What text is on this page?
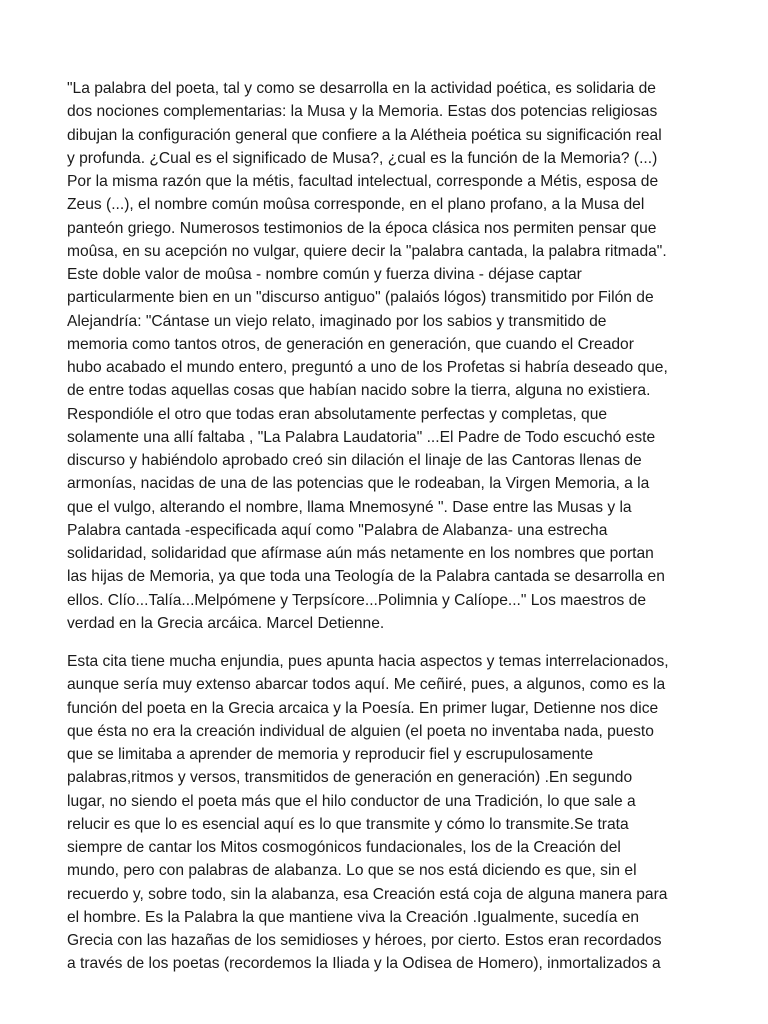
"La palabra del poeta, tal y como se desarrolla en la actividad poética, es solidaria de
dos nociones complementarias: la Musa y la Memoria. Estas dos potencias religiosas
dibujan la configuración general que confiere a la Alétheia poética su significación real
y profunda. ¿Cual es el significado de Musa?, ¿cual es la función de la Memoria? (...)
Por la misma razón que la métis, facultad intelectual, corresponde a Métis, esposa de
Zeus (...), el nombre común moûsa corresponde, en el plano profano, a la Musa del
panteón griego. Numerosos testimonios de la época clásica nos permiten pensar que
moûsa, en su acepción no vulgar, quiere decir la "palabra cantada, la palabra ritmada".
Este doble valor de moûsa - nombre común y fuerza divina - déjase captar
particularmente bien en un "discurso antiguo" (palaiós lógos) transmitido por Filón de
Alejandría: "Cántase un viejo relato, imaginado por los sabios y transmitido de
memoria como tantos otros, de generación en generación, que cuando el Creador
hubo acabado el mundo entero, preguntó a uno de los Profetas si habría deseado que,
de entre todas aquellas cosas que habían nacido sobre la tierra, alguna no existiera.
Respondióle el otro que todas eran absolutamente perfectas y completas, que
solamente una allí faltaba , "La Palabra Laudatoria" ...El Padre de Todo escuchó este
discurso y habiéndolo aprobado creó sin dilación el linaje de las Cantoras llenas de
armonías, nacidas de una de las potencias que le rodeaban, la Virgen Memoria, a la
que el vulgo, alterando el nombre, llama Mnemosyné ". Dase entre las Musas y la
Palabra cantada -especificada aquí como "Palabra de Alabanza- una estrecha
solidaridad, solidaridad que afírmase aún más netamente en los nombres que portan
las hijas de Memoria, ya que toda una Teología de la Palabra cantada se desarrolla en
ellos. Clío...Talía...Melpómene y Terpsícore...Polimnia y Calíope..." Los maestros de
verdad en la Grecia arcáica. Marcel Detienne.

Esta cita tiene mucha enjundia, pues apunta hacia aspectos y temas interrelacionados,
aunque sería muy extenso abarcar todos aquí. Me ceñiré, pues, a algunos, como es la
función del poeta en la Grecia arcaica y la Poesía. En primer lugar, Detienne nos dice
que ésta no era la creación individual de alguien (el poeta no inventaba nada, puesto
que se limitaba a aprender de memoria y reproducir fiel y escrupulosamente
palabras,ritmos y versos, transmitidos de generación en generación) .En segundo
lugar, no siendo el poeta más que el hilo conductor de una Tradición, lo que sale a
relucir es que lo es esencial aquí es lo que transmite y cómo lo transmite.Se trata
siempre de cantar los Mitos cosmogónicos fundacionales, los de la Creación del
mundo, pero con palabras de alabanza. Lo que se nos está diciendo es que, sin el
recuerdo y, sobre todo, sin la alabanza, esa Creación está coja de alguna manera para
el hombre. Es la Palabra la que mantiene viva la Creación .Igualmente, sucedía en
Grecia con las hazañas de los semidioses y héroes, por cierto. Estos eran recordados
a través de los poetas (recordemos la Iliada y la Odisea de Homero), inmortalizados a
